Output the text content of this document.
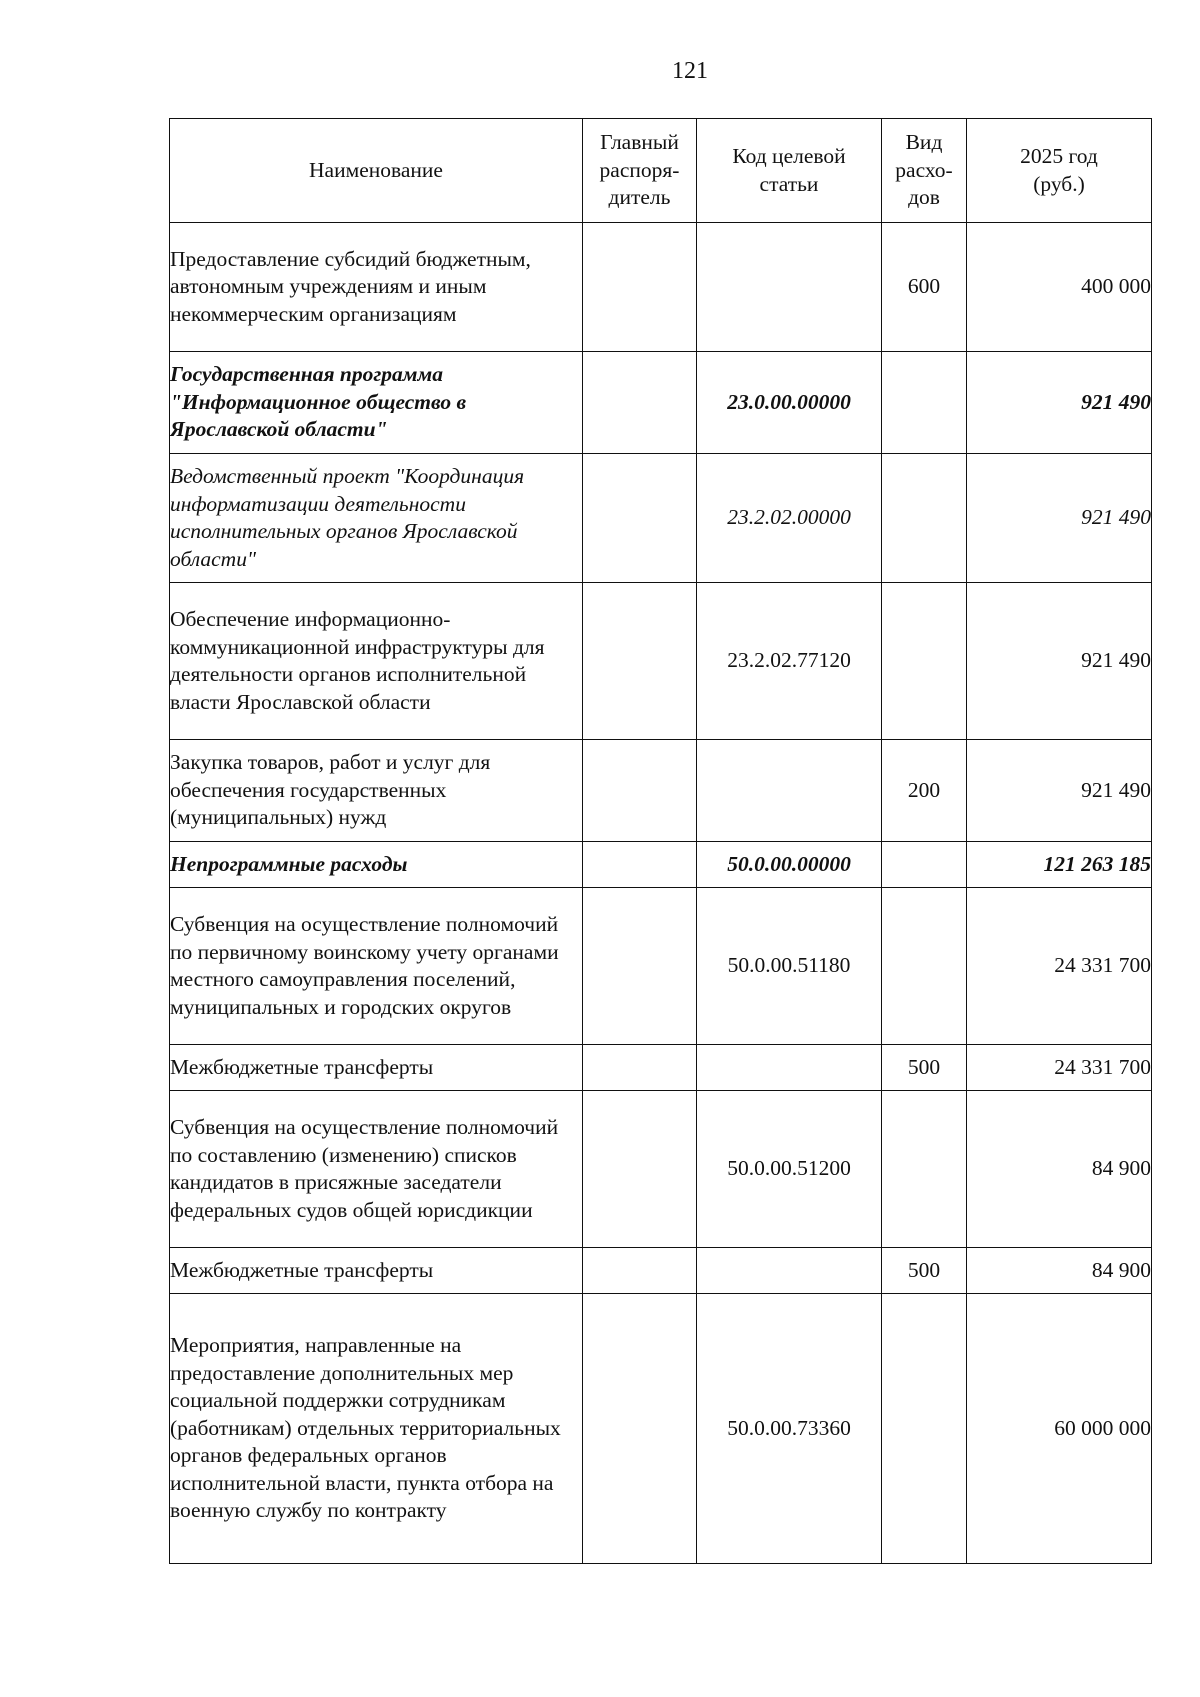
121
Наименование	Главный распоря-дитель	Код целевой статьи	Вид расхо-дов	2025 год (руб.)
Предоставление субсидий бюджетным, автономным учреждениям и иным некоммерческим организациям			600	400 000
Государственная программа "Информационное общество в Ярославской области"		23.0.00.00000		921 490
Ведомственный проект "Координация информатизации деятельности исполнительных органов Ярославской области"		23.2.02.00000		921 490
Обеспечение информационно-коммуникационной инфраструктуры для деятельности органов исполнительной власти Ярославской области		23.2.02.77120		921 490
Закупка товаров, работ и услуг для обеспечения государственных (муниципальных) нужд			200	921 490
Непрограммные расходы		50.0.00.00000		121 263 185
Субвенция на осуществление полномочий по первичному воинскому учету органами местного самоуправления поселений, муниципальных и городских округов		50.0.00.51180		24 331 700
Межбюджетные трансферты			500	24 331 700
Субвенция на осуществление полномочий по составлению (изменению) списков кандидатов в присяжные заседатели федеральных судов общей юрисдикции		50.0.00.51200		84 900
Межбюджетные трансферты			500	84 900
Мероприятия, направленные на предоставление дополнительных мер социальной поддержки сотрудникам (работникам) отдельных территориальных органов федеральных органов исполнительной власти, пункта отбора на военную службу по контракту		50.0.00.73360		60 000 000
